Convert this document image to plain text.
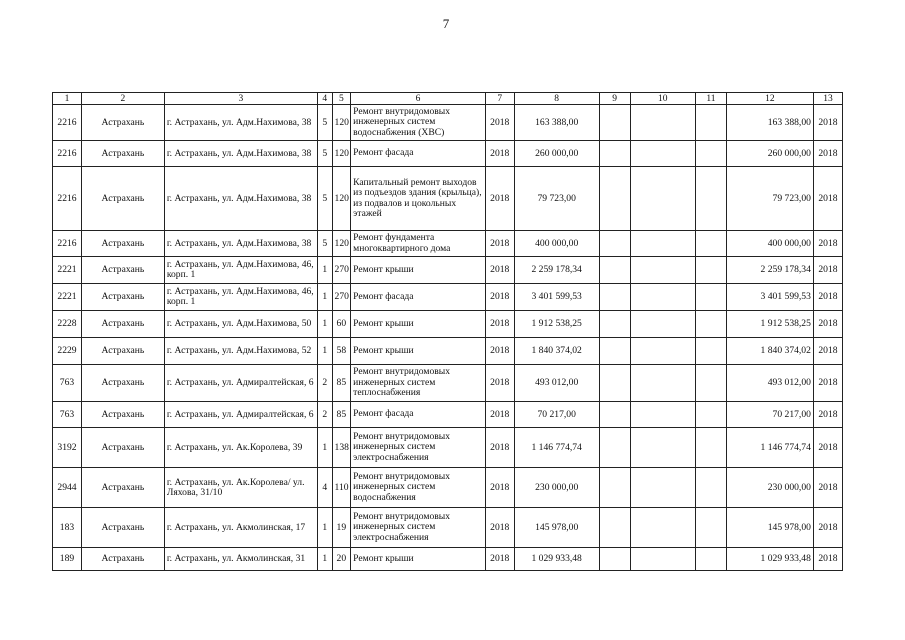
7
1	2	3	4	5	6	7	8	9	10	11	12	13
2216	Астрахань	г. Астрахань, ул. Адм.Нахимова, 38	5	120	Ремонт внутридомовых инженерных систем водоснабжения (ХВС)	2018	163 388,00				163 388,00	2018
2216	Астрахань	г. Астрахань, ул. Адм.Нахимова, 38	5	120	Ремонт фасада	2018	260 000,00				260 000,00	2018
2216	Астрахань	г. Астрахань, ул. Адм.Нахимова, 38	5	120	Капитальный ремонт выходов из подъездов здания (крыльца), из подвалов и цокольных этажей	2018	79 723,00				79 723,00	2018
2216	Астрахань	г. Астрахань, ул. Адм.Нахимова, 38	5	120	Ремонт фундамента многоквартирного дома	2018	400 000,00				400 000,00	2018
2221	Астрахань	г. Астрахань, ул. Адм.Нахимова, 46, корп. 1	1	270	Ремонт крыши	2018	2 259 178,34				2 259 178,34	2018
2221	Астрахань	г. Астрахань, ул. Адм.Нахимова, 46, корп. 1	1	270	Ремонт фасада	2018	3 401 599,53				3 401 599,53	2018
2228	Астрахань	г. Астрахань, ул. Адм.Нахимова, 50	1	60	Ремонт крыши	2018	1 912 538,25				1 912 538,25	2018
2229	Астрахань	г. Астрахань, ул. Адм.Нахимова, 52	1	58	Ремонт крыши	2018	1 840 374,02				1 840 374,02	2018
763	Астрахань	г. Астрахань, ул. Адмиралтейская, 6	2	85	Ремонт внутридомовых инженерных систем теплоснабжения	2018	493 012,00				493 012,00	2018
763	Астрахань	г. Астрахань, ул. Адмиралтейская, 6	2	85	Ремонт фасада	2018	70 217,00				70 217,00	2018
3192	Астрахань	г. Астрахань, ул. Ак.Королева, 39	1	138	Ремонт внутридомовых инженерных систем электроснабжения	2018	1 146 774,74				1 146 774,74	2018
2944	Астрахань	г. Астрахань, ул. Ак.Королева/ ул. Ляхова, 31/10	4	110	Ремонт внутридомовых инженерных систем водоснабжения	2018	230 000,00				230 000,00	2018
183	Астрахань	г. Астрахань, ул. Акмолинская, 17	1	19	Ремонт внутридомовых инженерных систем электроснабжения	2018	145 978,00				145 978,00	2018
189	Астрахань	г. Астрахань, ул. Акмолинская, 31	1	20	Ремонт крыши	2018	1 029 933,48				1 029 933,48	2018
